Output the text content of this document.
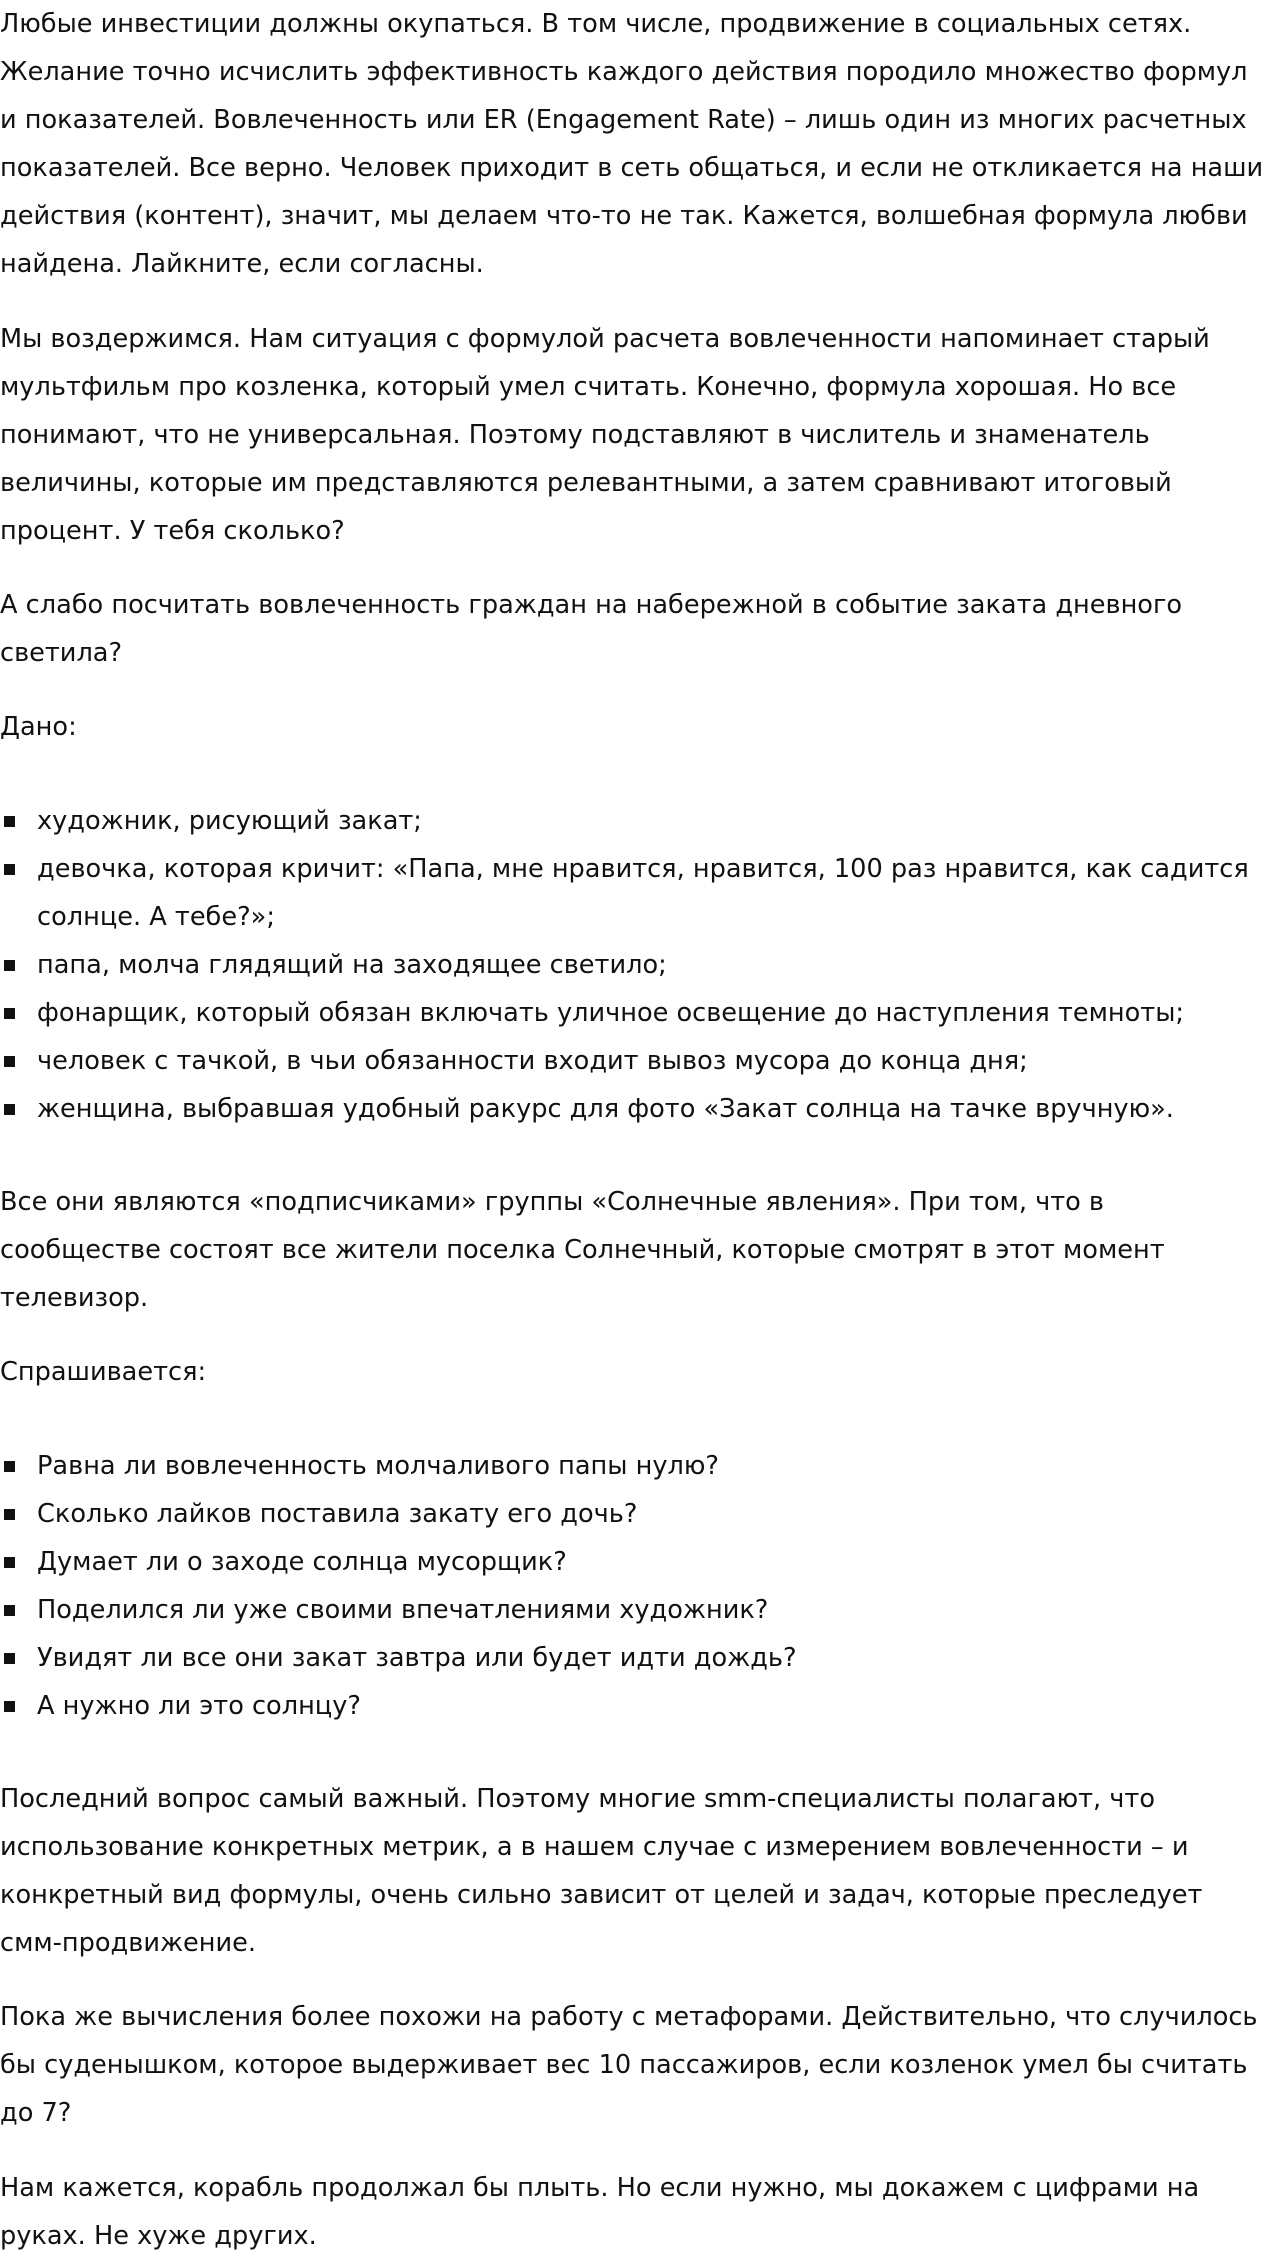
Любые инвестиции должны окупаться. В том числе, продвижение в социальных сетях. Желание точно исчислить эффективность каждого действия породило множество формул и показателей. Вовлеченность или ER (Engagement Rate) – лишь один из многих расчетных показателей. Все верно. Человек приходит в сеть общаться, и если не откликается на наши действия (контент), значит, мы делаем что-то не так. Кажется, волшебная формула любви найдена. Лайкните, если согласны.

Мы воздержимся. Нам ситуация с формулой расчета вовлеченности напоминает старый мультфильм про козленка, который умел считать. Конечно, формула хорошая. Но все понимают, что не универсальная. Поэтому подставляют в числитель и знаменатель величины, которые им представляются релевантными, а затем сравнивают итоговый процент. У тебя сколько?

А слабо посчитать вовлеченность граждан на набережной в событие заката дневного светила?

Дано:

художник, рисующий закат;
девочка, которая кричит: «Папа, мне нравится, нравится, 100 раз нравится, как садится солнце. А тебе?»;
папа, молча глядящий на заходящее светило;
фонарщик, который обязан включать уличное освещение до наступления темноты;
человек с тачкой, в чьи обязанности входит вывоз мусора до конца дня;
женщина, выбравшая удобный ракурс для фото «Закат солнца на тачке вручную».

Все они являются «подписчиками» группы «Солнечные явления». При том, что в сообществе состоят все жители поселка Солнечный, которые смотрят в этот момент телевизор.

Спрашивается:

Равна ли вовлеченность молчаливого папы нулю?
Сколько лайков поставила закату его дочь?
Думает ли о заходе солнца мусорщик?
Поделился ли уже своими впечатлениями художник?
Увидят ли все они закат завтра или будет идти дождь?
А нужно ли это солнцу?

Последний вопрос самый важный. Поэтому многие smm-специалисты полагают, что использование конкретных метрик, а в нашем случае с измерением вовлеченности – и конкретный вид формулы, очень сильно зависит от целей и задач, которые преследует смм-продвижение.

Пока же вычисления более похожи на работу с метафорами. Действительно, что случилось бы суденышком, которое выдерживает вес 10 пассажиров, если козленок умел бы считать до 7?

Нам кажется, корабль продолжал бы плыть. Но если нужно, мы докажем с цифрами на руках. Не хуже других.
